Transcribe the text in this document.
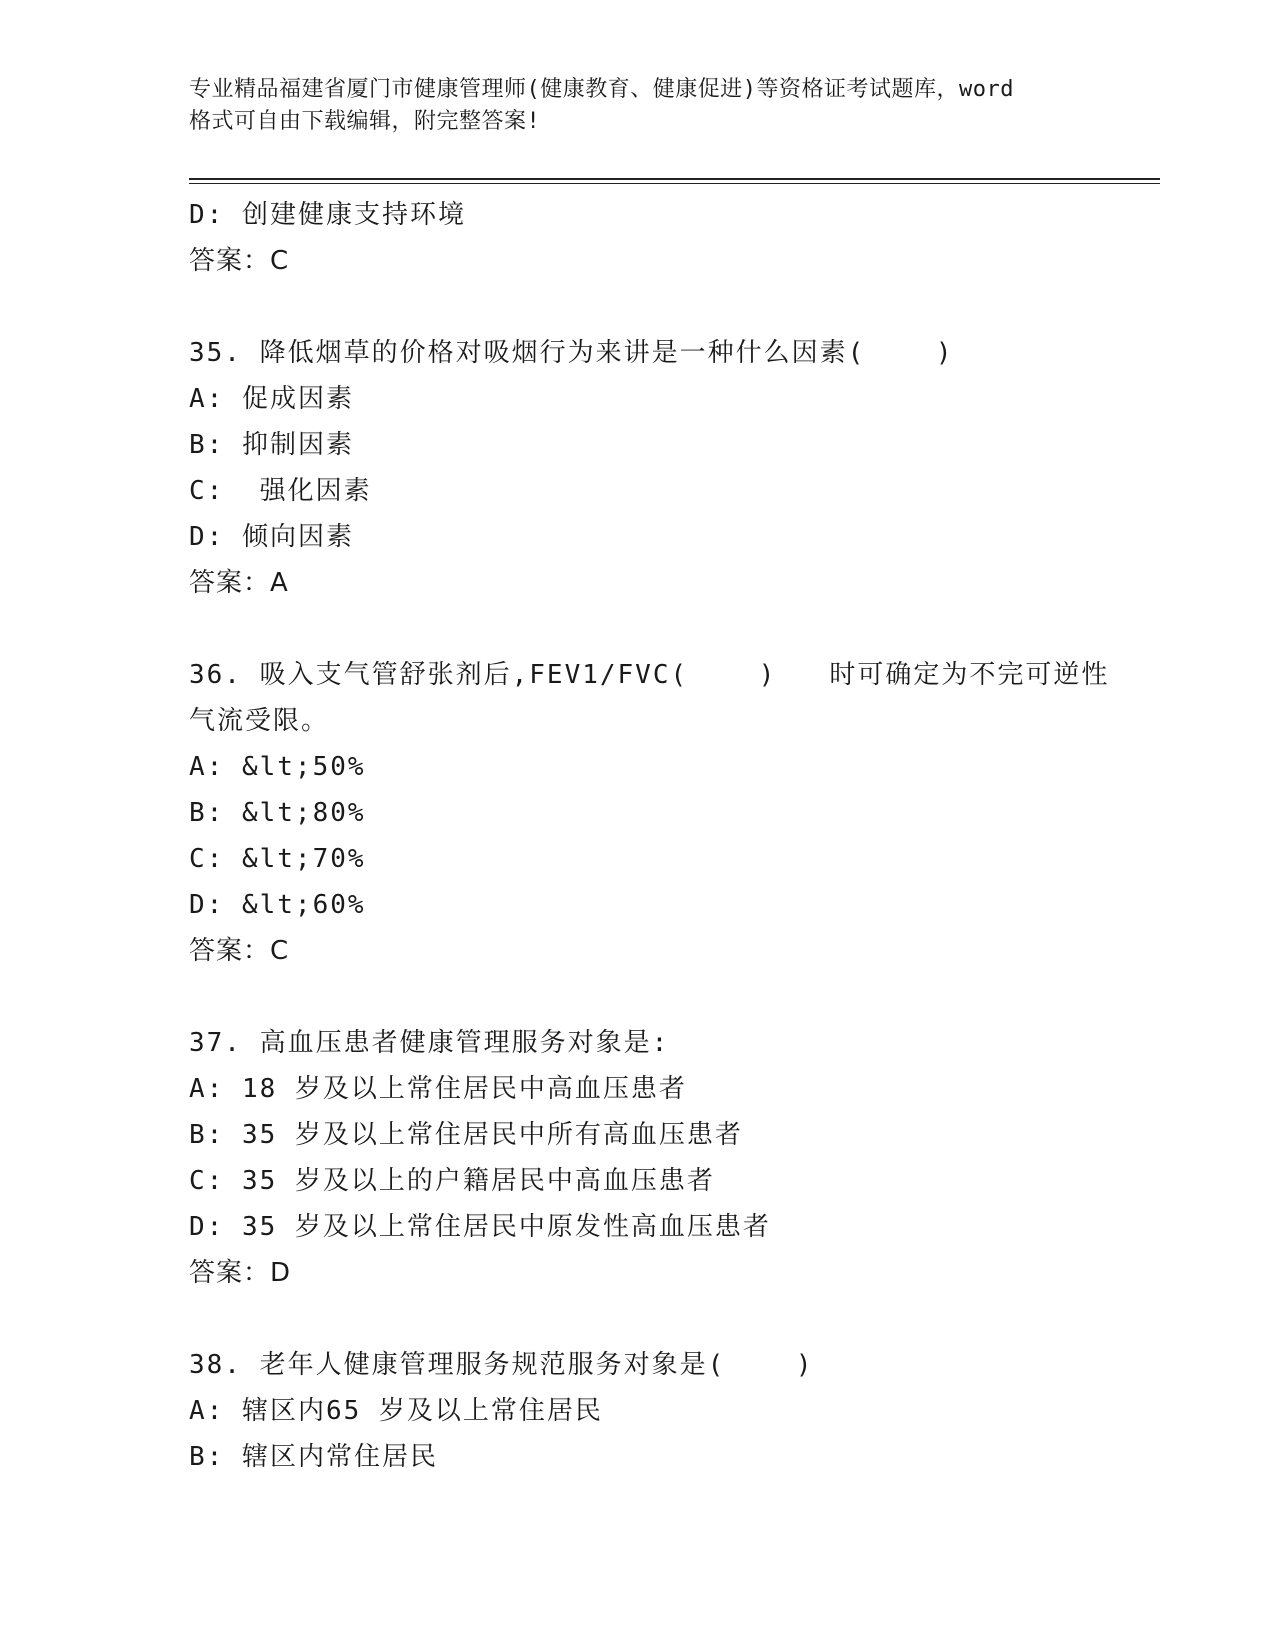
专业精品福建省厦门市健康管理师(健康教育、健康促进)等资格证考试题库，word
格式可自由下载编辑，附完整答案!
D: 创建健康支持环境
答案：C
35. 降低烟草的价格对吸烟行为来讲是一种什么因素(    )
A: 促成因素
B: 抑制因素
C:  强化因素
D: 倾向因素
答案：A
36. 吸入支气管舒张剂后,FEV1/FVC(    )   时可确定为不完可逆性
气流受限。
A: &lt;50%
B: &lt;80%
C: &lt;70%
D: &lt;60%
答案：C
37. 高血压患者健康管理服务对象是:
A: 18 岁及以上常住居民中高血压患者
B: 35 岁及以上常住居民中所有高血压患者
C: 35 岁及以上的户籍居民中高血压患者
D: 35 岁及以上常住居民中原发性高血压患者
答案：D
38. 老年人健康管理服务规范服务对象是(    )
A: 辖区内65 岁及以上常住居民
B: 辖区内常住居民
